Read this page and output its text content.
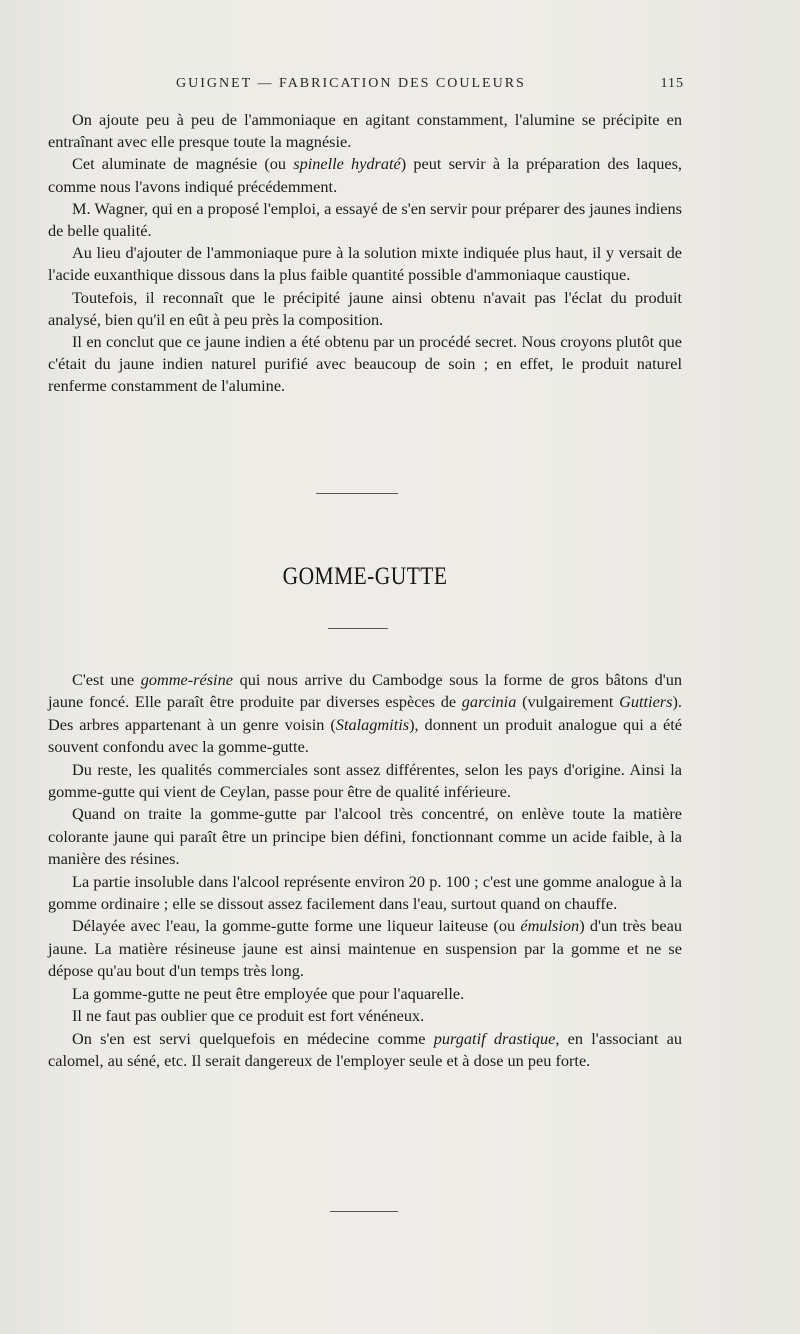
GUIGNET — FABRICATION DES COULEURS	115

On ajoute peu à peu de l'ammoniaque en agitant constamment, l'alumine se précipite en entraînant avec elle presque toute la magnésie.

Cet aluminate de magnésie (ou spinelle hydraté) peut servir à la préparation des laques, comme nous l'avons indiqué précédemment.

M. Wagner, qui en a proposé l'emploi, a essayé de s'en servir pour préparer des jaunes indiens de belle qualité.

Au lieu d'ajouter de l'ammoniaque pure à la solution mixte indiquée plus haut, il y versait de l'acide euxanthique dissous dans la plus faible quantité possible d'ammoniaque caustique.

Toutefois, il reconnaît que le précipité jaune ainsi obtenu n'avait pas l'éclat du produit analysé, bien qu'il en eût à peu près la composition.

Il en conclut que ce jaune indien a été obtenu par un procédé secret. Nous croyons plutôt que c'était du jaune indien naturel purifié avec beaucoup de soin ; en effet, le produit naturel renferme constamment de l'alumine.

GOMME-GUTTE

C'est une gomme-résine qui nous arrive du Cambodge sous la forme de gros bâtons d'un jaune foncé. Elle paraît être produite par diverses espèces de garcinia (vulgairement Guttiers). Des arbres appartenant à un genre voisin (Stalagmitis), donnent un produit analogue qui a été souvent confondu avec la gomme-gutte.

Du reste, les qualités commerciales sont assez différentes, selon les pays d'origine. Ainsi la gomme-gutte qui vient de Ceylan, passe pour être de qualité inférieure.

Quand on traite la gomme-gutte par l'alcool très concentré, on enlève toute la matière colorante jaune qui paraît être un principe bien défini, fonctionnant comme un acide faible, à la manière des résines.

La partie insoluble dans l'alcool représente environ 20 p. 100 ; c'est une gomme analogue à la gomme ordinaire ; elle se dissout assez facilement dans l'eau, surtout quand on chauffe.

Délayée avec l'eau, la gomme-gutte forme une liqueur laiteuse (ou émulsion) d'un très beau jaune. La matière résineuse jaune est ainsi maintenue en suspension par la gomme et ne se dépose qu'au bout d'un temps très long.

La gomme-gutte ne peut être employée que pour l'aquarelle.

Il ne faut pas oublier que ce produit est fort vénéneux.

On s'en est servi quelquefois en médecine comme purgatif drastique, en l'associant au calomel, au séné, etc. Il serait dangereux de l'employer seule et à dose un peu forte.
